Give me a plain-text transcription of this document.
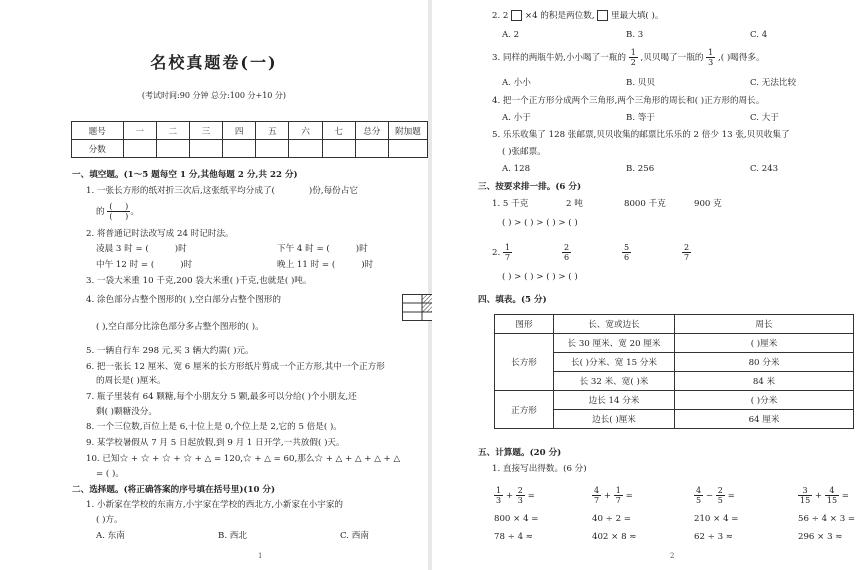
名校真题卷(一)
(考试时间:90 分钟 总分:100 分+10 分)
题号	一	二	三	四	五	六	七	总分	附加题
分数									
一、填空题。(1～5 题每空 1 分,其他每题 2 分,共 22 分)
1. 一张长方形的纸对折三次后,这张纸平均分成了(	)份,每份占它
的 $\frac{( )}{( )}$ 。
2. 将普通记时法改写成 24 时记时法。
凌晨 3 时 = (	)时	下午 4 时 = (	)时
中午 12 时 = (	)时	晚上 11 时 = (	)时
3. 一袋大米重 10 千克,200 袋大米重( )千克,也就是( )吨。
4. 涂色部分占整个图形的( ),空白部分占整个图形的
( ),空白部分比涂色部分多占整个图形的( )。
5. 一辆自行车 298 元,买 3 辆大约需( )元。
6. 把一张长 12 厘米、宽 6 厘米的长方形纸片剪成一个正方形,其中一个正方形
的周长是( )厘米。
7. 瓶子里装有 64 颗糖,每个小朋友分 5 颗,最多可以分给( )个小朋友,还
剩( )颗糖没分。
8. 一个三位数,百位上是 6,十位上是 0,个位上是 2,它的 5 倍是( )。
9. 某学校暑假从 7 月 5 日起放假,到 9 月 1 日开学,一共放假( )天。
10. 已知☆ + ☆ + ☆ + ☆ + △ = 120,☆ + △ = 60,那么☆ + △ + △ + △ + △
= ( )。
二、选择题。(将正确答案的序号填在括号里)(10 分)
1. 小新家在学校的东南方,小宇家在学校的西北方,小新家在小宇家的
( )方。
A. 东南	B. 西北	C. 西南
1
2. 2 ×4 的积是两位数, 里最大填( )。
A. 2	B. 3	C. 4
3. 同样的两瓶牛奶,小小喝了一瓶的 $\frac{1}{2}$ ,贝贝喝了一瓶的 $\frac{1}{3}$ ,( )喝得多。
A. 小小	B. 贝贝	C. 无法比较
4. 把一个正方形分成两个三角形,两个三角形的周长和( )正方形的周长。
A. 小于	B. 等于	C. 大于
5. 乐乐收集了 128 张邮票,贝贝收集的邮票比乐乐的 2 倍少 13 张,贝贝收集了
( )张邮票。
A. 128	B. 256	C. 243
三、按要求排一排。(6 分)
1. 5 千克	2 吨	8000 千克	900 克
( ) > ( ) > ( ) > ( )
2. $\frac{1}{7}$	$\frac{2}{6}$	$\frac{5}{6}$	$\frac{2}{7}$
( ) > ( ) > ( ) > ( )
四、填表。(5 分)
五、计算题。(20 分)
1. 直接写出得数。(6 分)
$\frac{1}{3} + \frac{2}{3}$ =	$\frac{4}{7} + \frac{1}{7}$ =	$\frac{4}{5} - \frac{2}{5}$ =	$\frac{3}{15} + \frac{4}{15}$ =
800 × 4 =	40 ÷ 2 =	210 × 4 =	56 ÷ 4 × 3 =
78 ÷ 4 ≈	402 × 8 ≈	62 ÷ 3 ≈	296 × 3 ≈
2
图形	长、宽或边长	周长
长方形	长 30 厘米、宽 20 厘米	( )厘米
	长( )分米、宽 15 分米	80 分米
	长 32 米、宽( )米	84 米
正方形	边长 14 分米	( )分米
	边长( )厘米	64 厘米
